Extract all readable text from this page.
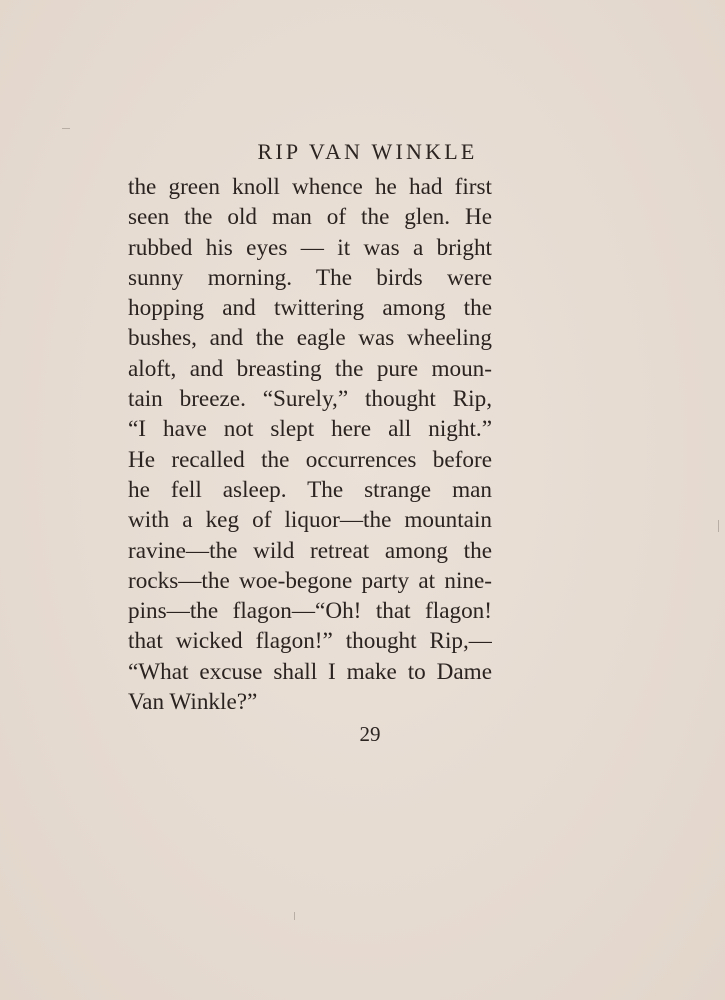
RIP VAN WINKLE
the green knoll whence he had first
seen the old man of the glen. He
rubbed his eyes — it was a bright
sunny morning. The birds were
hopping and twittering among the
bushes, and the eagle was wheeling
aloft, and breasting the pure moun-
tain breeze. “Surely,” thought Rip,
“I have not slept here all night.”
He recalled the occurrences before
he fell asleep. The strange man
with a keg of liquor—the mountain
ravine—the wild retreat among the
rocks—the woe-begone party at nine-
pins—the flagon—“Oh! that flagon!
that wicked flagon!” thought Rip,—
“What excuse shall I make to Dame
Van Winkle?”
29
